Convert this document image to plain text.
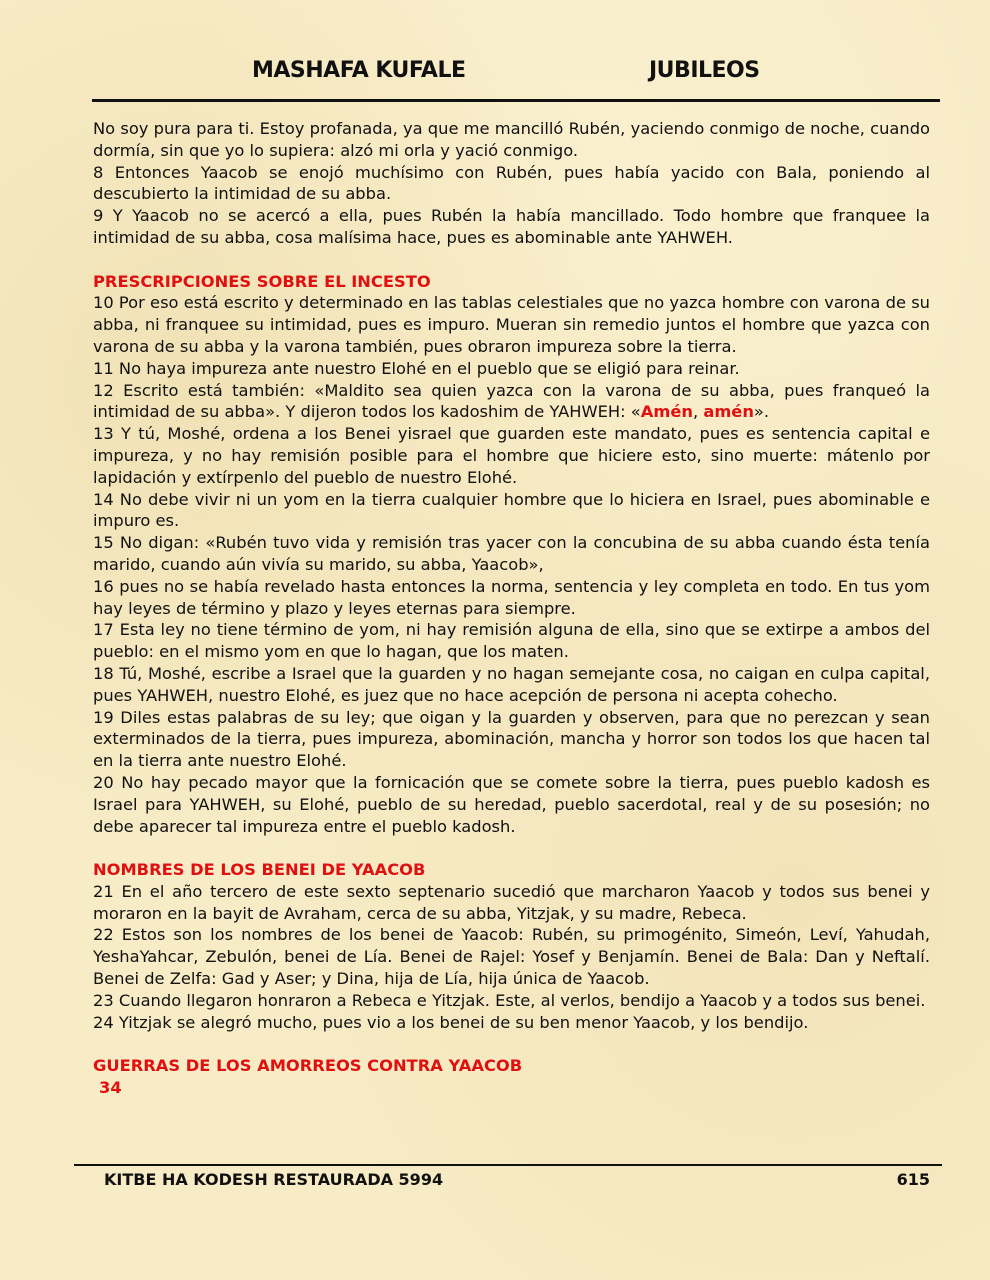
MASHAFA KUFALE	JUBILEOS

No soy pura para ti. Estoy profanada, ya que me mancilló Rubén, yaciendo conmigo de noche, cuando dormía, sin que yo lo supiera: alzó mi orla y yació conmigo.

8 Entonces Yaacob se enojó muchísimo con Rubén, pues había yacido con Bala, poniendo al descubierto la intimidad de su abba.

9 Y Yaacob no se acercó a ella, pues Rubén la había mancillado. Todo hombre que franquee la intimidad de su abba, cosa malísima hace, pues es abominable ante YAHWEH.

PRESCRIPCIONES SOBRE EL INCESTO

10 Por eso está escrito y determinado en las tablas celestiales que no yazca hombre con varona de su abba, ni franquee su intimidad, pues es impuro. Mueran sin remedio juntos el hombre que yazca con varona de su abba y la varona también, pues obraron impureza sobre la tierra.

11 No haya impureza ante nuestro Elohé en el pueblo que se eligió para reinar.

12 Escrito está también: «Maldito sea quien yazca con la varona de su abba, pues franqueó la intimidad de su abba». Y dijeron todos los kadoshim de YAHWEH: «Amén, amén».

13 Y tú, Moshé, ordena a los Benei yisrael que guarden este mandato, pues es sentencia capital e impureza, y no hay remisión posible para el hombre que hiciere esto, sino muerte: mátenlo por lapidación y extírpenlo del pueblo de nuestro Elohé.

14 No debe vivir ni un yom en la tierra cualquier hombre que lo hiciera en Israel, pues abominable e impuro es.

15 No digan: «Rubén tuvo vida y remisión tras yacer con la concubina de su abba cuando ésta tenía marido, cuando aún vivía su marido, su abba, Yaacob»,

16 pues no se había revelado hasta entonces la norma, sentencia y ley completa en todo. En tus yom hay leyes de término y plazo y leyes eternas para siempre.

17 Esta ley no tiene término de yom, ni hay remisión alguna de ella, sino que se extirpe a ambos del pueblo: en el mismo yom en que lo hagan, que los maten.

18 Tú, Moshé, escribe a Israel que la guarden y no hagan semejante cosa, no caigan en culpa capital, pues YAHWEH, nuestro Elohé, es juez que no hace acepción de persona ni acepta cohecho.

19 Diles estas palabras de su ley; que oigan y la guarden y observen, para que no perezcan y sean exterminados de la tierra, pues impureza, abominación, mancha y horror son todos los que hacen tal en la tierra ante nuestro Elohé.

20 No hay pecado mayor que la fornicación que se comete sobre la tierra, pues pueblo kadosh es Israel para YAHWEH, su Elohé, pueblo de su heredad, pueblo sacerdotal, real y de su posesión; no debe aparecer tal impureza entre el pueblo kadosh.

NOMBRES DE LOS BENEI DE YAACOB

21 En el año tercero de este sexto septenario sucedió que marcharon Yaacob y todos sus benei y moraron en la bayit de Avraham, cerca de su abba, Yitzjak, y su madre, Rebeca.

22 Estos son los nombres de los benei de Yaacob: Rubén, su primogénito, Simeón, Leví, Yahudah, YeshaYahcar, Zebulón, benei de Lía. Benei de Rajel: Yosef y Benjamín. Benei de Bala: Dan y Neftalí. Benei de Zelfa: Gad y Aser; y Dina, hija de Lía, hija única de Yaacob.

23 Cuando llegaron honraron a Rebeca e Yitzjak. Este, al verlos, bendijo a Yaacob y a todos sus benei.

24 Yitzjak se alegró mucho, pues vio a los benei de su ben menor Yaacob, y los bendijo.

GUERRAS DE LOS AMORREOS CONTRA YAACOB

34

KITBE HA KODESH RESTAURADA 5994	615
